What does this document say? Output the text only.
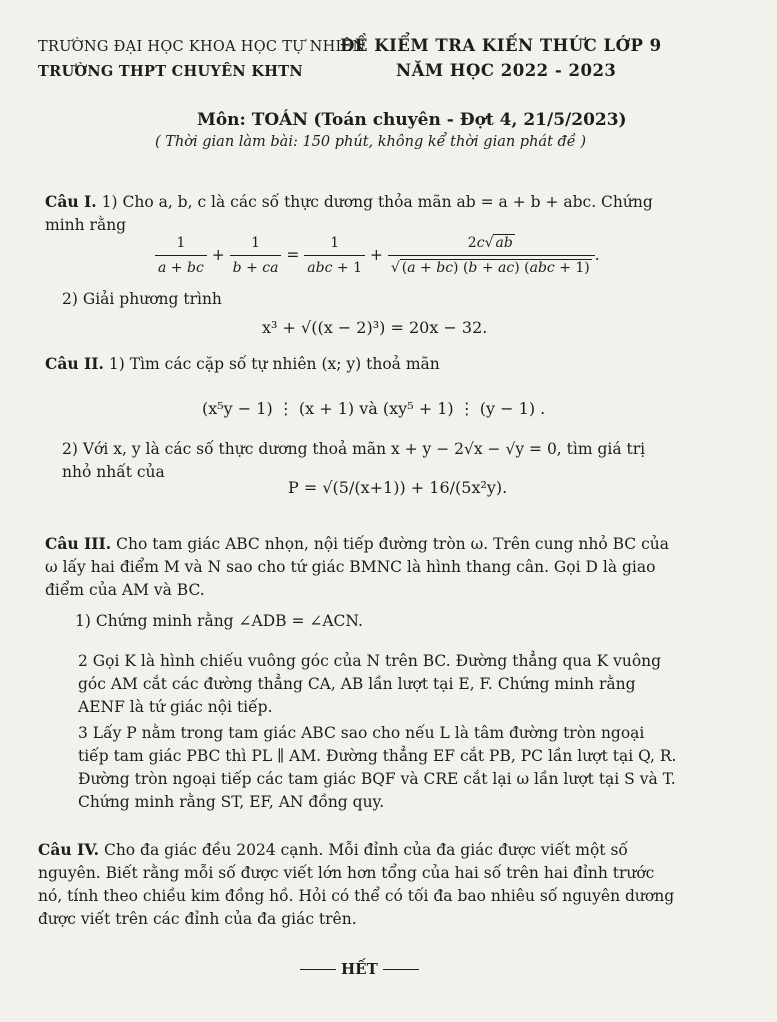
TRƯỜNG ĐẠI HỌC KHOA HỌC TỰ NHIÊN
TRƯỜNG THPT CHUYÊN KHTN
ĐỀ KIỂM TRA KIẾN THỨC LỚP 9
NĂM HỌC 2022 - 2023
Môn: TOÁN (Toán chuyên - Đợt 4, 21/5/2023)
( Thời gian làm bài: 150 phút, không kể thời gian phát đề )
Câu I. 1) Cho a, b, c là các số thực dương thỏa mãn ab = a + b + abc. Chứng minh rằng
$\frac{1}{a + bc} + \frac{1}{b + ca} = \frac{1}{\text{abc + 1}} + \frac{2c√ ab}{\text{√ (a + bc) (b + ac) (abc + 1)}}$ .
2) Giải phương trình
x³ + √((x − 2)³) = 20x − 32.
Câu II. 1) Tìm các cặp số tự nhiên (x; y) thoả mãn
(x⁵y − 1) ⋮ (x + 1) và (xy⁵ + 1) ⋮ (y − 1) .
2) Với x, y là các số thực dương thoả mãn x + y − 2√x − √y = 0, tìm giá trị nhỏ nhất của
P = √(5/(x+1)) + 16/(5x²y).
Câu III. Cho tam giác ABC nhọn, nội tiếp đường tròn ω. Trên cung nhỏ BC của ω lấy hai điểm M và N sao cho tứ giác BMNC là hình thang cân. Gọi D là giao điểm của AM và BC.
1) Chứng minh rằng ∠ADB = ∠ACN.
2 Gọi K là hình chiếu vuông góc của N trên BC. Đường thẳng qua K vuông góc AM cắt các đường thẳng CA, AB lần lượt tại E, F. Chứng minh rằng AENF là tứ giác nội tiếp.
3 Lấy P nằm trong tam giác ABC sao cho nếu L là tâm đường tròn ngoại tiếp tam giác PBC thì PL ∥ AM. Đường thẳng EF cắt PB, PC lần lượt tại Q, R. Đường tròn ngoại tiếp các tam giác BQF và CRE cắt lại ω lần lượt tại S và T. Chứng minh rằng ST, EF, AN đồng quy.
Câu IV. Cho đa giác đều 2024 cạnh. Mỗi đỉnh của đa giác được viết một số nguyên. Biết rằng mỗi số được viết lớn hơn tổng của hai số trên hai đỉnh trước nó, tính theo chiều kim đồng hồ. Hỏi có thể có tối đa bao nhiêu số nguyên dương được viết trên các đỉnh của đa giác trên.
HẾT
